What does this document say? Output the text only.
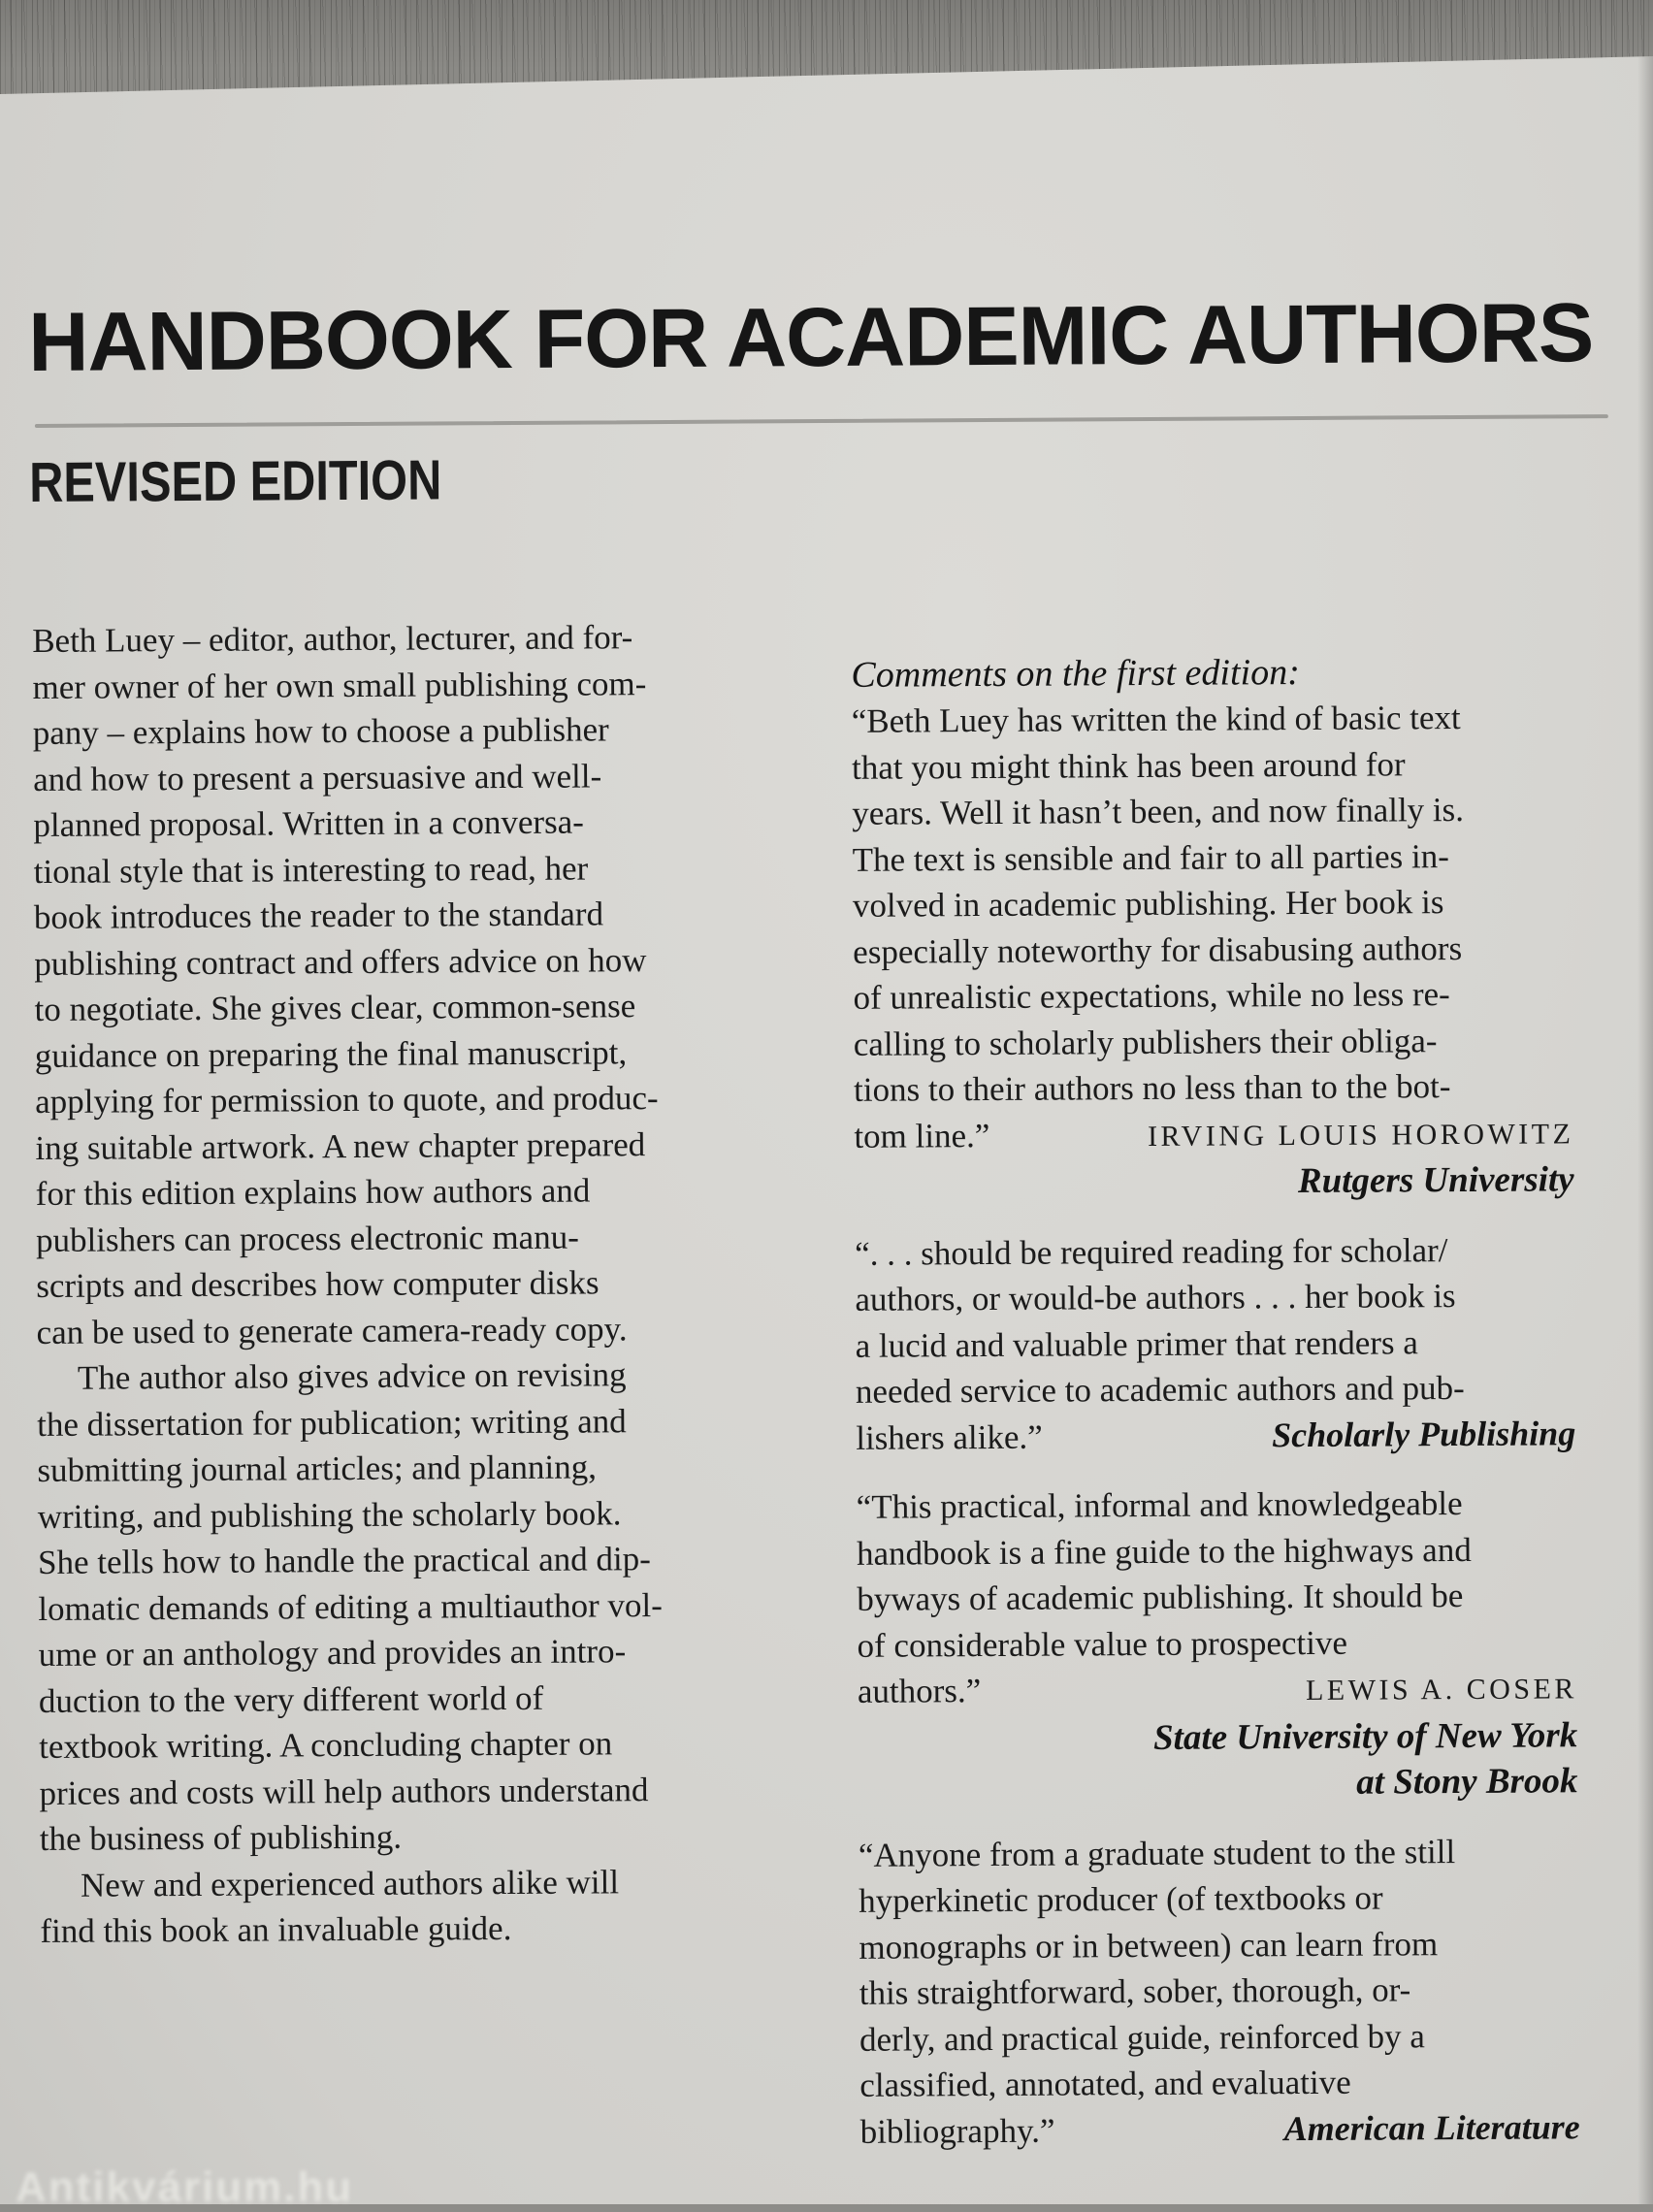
HANDBOOK FOR ACADEMIC AUTHORS
REVISED EDITION

Beth Luey – editor, author, lecturer, and for-
mer owner of her own small publishing com-
pany – explains how to choose a publisher
and how to present a persuasive and well-
planned proposal. Written in a conversa-
tional style that is interesting to read, her
book introduces the reader to the standard
publishing contract and offers advice on how
to negotiate. She gives clear, common-sense
guidance on preparing the final manuscript,
applying for permission to quote, and produc-
ing suitable artwork. A new chapter prepared
for this edition explains how authors and
publishers can process electronic manu-
scripts and describes how computer disks
can be used to generate camera-ready copy.

The author also gives advice on revising
the dissertation for publication; writing and
submitting journal articles; and planning,
writing, and publishing the scholarly book.
She tells how to handle the practical and dip-
lomatic demands of editing a multiauthor vol-
ume or an anthology and provides an intro-
duction to the very different world of
textbook writing. A concluding chapter on
prices and costs will help authors understand
the business of publishing.

New and experienced authors alike will
find this book an invaluable guide.

Comments on the first edition:

“Beth Luey has written the kind of basic text
that you might think has been around for
years. Well it hasn’t been, and now finally is.
The text is sensible and fair to all parties in-
volved in academic publishing. Her book is
especially noteworthy for disabusing authors
of unrealistic expectations, while no less re-
calling to scholarly publishers their obliga-
tions to their authors no less than to the bot-

tom line.”	IRVING LOUIS HOROWITZ
Rutgers University

“. . . should be required reading for scholar/
authors, or would-be authors . . . her book is
a lucid and valuable primer that renders a
needed service to academic authors and pub-

lishers alike.”	Scholarly Publishing

“This practical, informal and knowledgeable
handbook is a fine guide to the highways and
byways of academic publishing. It should be
of considerable value to prospective

authors.”	LEWIS A. COSER
State University of New York
at Stony Brook

“Anyone from a graduate student to the still
hyperkinetic producer (of textbooks or
monographs or in between) can learn from
this straightforward, sober, thorough, or-
derly, and practical guide, reinforced by a
classified, annotated, and evaluative

bibliography.”	American Literature
Antikvárium.hu
